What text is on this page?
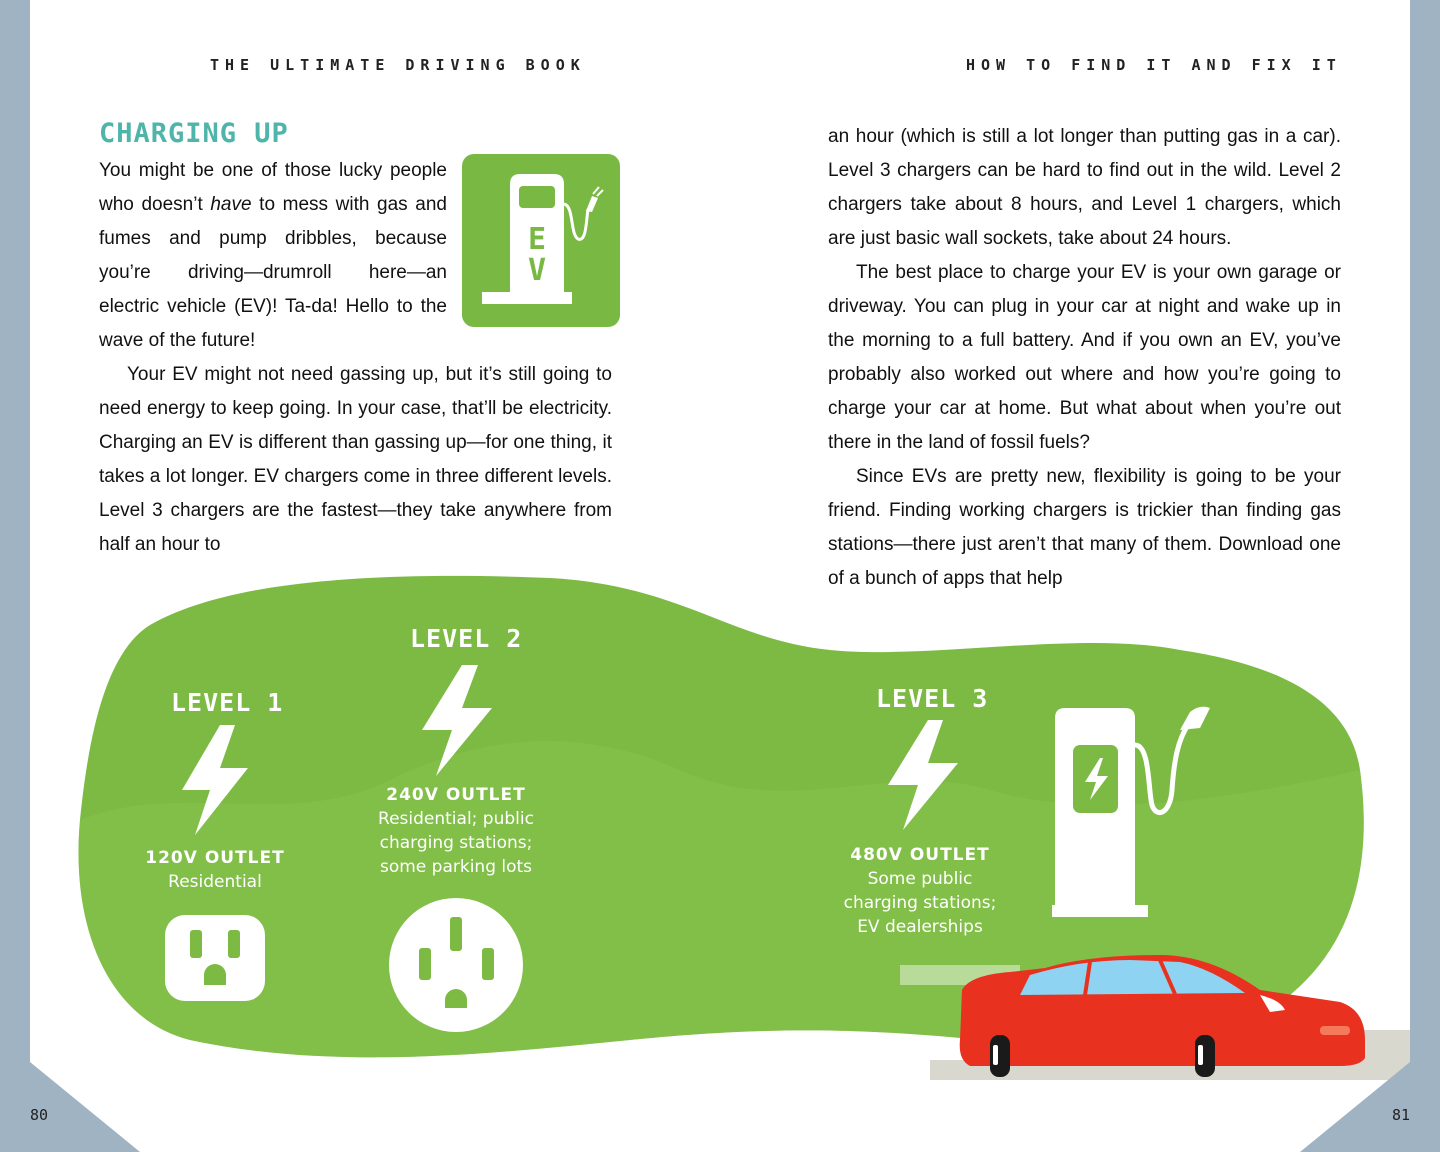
THE ULTIMATE DRIVING BOOK	HOW TO FIND IT AND FIX IT
CHARGING UP
E
V

You might be one of those lucky people who doesn’t have to mess with gas and fumes and pump dribbles, because you’re driving—drumroll here—an electric vehicle (EV)! Ta-da! Hello to the wave of the future!

Your EV might not need gassing up, but it’s still going to need energy to keep going. In your case, that’ll be electricity. Charging an EV is different than gassing up—for one thing, it takes a lot longer. EV chargers come in three different levels. Level 3 chargers are the fastest—they take anywhere from half an hour to

an hour (which is still a lot longer than putting gas in a car). Level 3 chargers can be hard to find out in the wild. Level 2 chargers take about 8 hours, and Level 1 chargers, which are just basic wall sockets, take about 24 hours.

The best place to charge your EV is your own garage or driveway. You can plug in your car at night and wake up in the morning to a full battery. And if you own an EV, you’ve probably also worked out where and how you’re going to charge your car at home. But what about when you’re out there in the land of fossil fuels?

Since EVs are pretty new, flexibility is going to be your friend. Finding working chargers is trickier than finding gas stations—there just aren’t that many of them. Download one of a bunch of apps that help

LEVEL 1
LEVEL 2
LEVEL 3
120V OUTLET
Residential
240V OUTLET
Residential; public
charging stations;
some parking lots
480V OUTLET
Some public
charging stations;
EV dealerships
80	81
